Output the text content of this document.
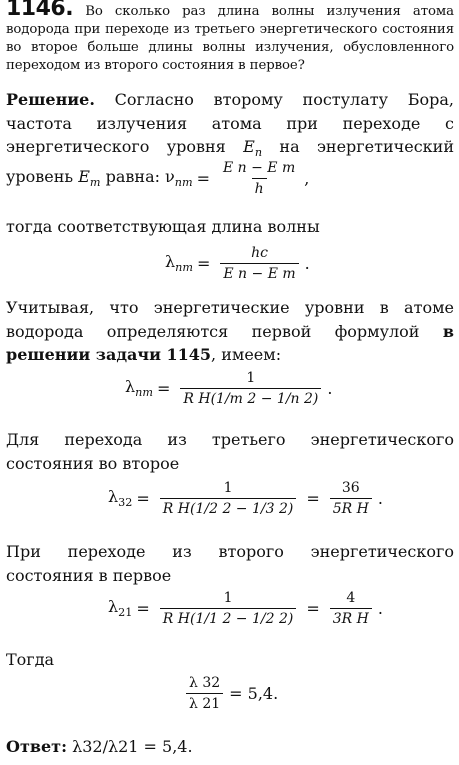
1146. Во сколько раз длина волны излучения атома водорода при переходе из третьего энергетического состояния во второе больше длины волны излучения, обусловленного переходом из второго состояния в первое?
Решение. Согласно второму постулату Бора, частота излучения атома при переходе с энергетического уровня $E_n$ на энергетический уровень $E_m$ равна: $\nu_{nm} = \frac{\text{E n − E m}}{h}$ ,
тогда соответствующая длина волны
$\lambda_{nm} = \frac{hc}{\text{E n − E m}}$ .
Учитывая, что энергетические уровни в атоме водорода определяются первой формулой в решении задачи 1145, имеем:
$\lambda_{nm} = \frac{1}{\text{R H(1/m 2 − 1/n 2)}}$ .
Для перехода из третьего энергетического состояния во второе
$\lambda_{32} = \frac{1}{\text{R H(1/2 2 − 1/3 2)}} = \frac{36}{\text{5R H}}$ .
При переходе из второго энергетического состояния в первое
$\lambda_{21} = \frac{1}{\text{R H(1/1 2 − 1/2 2)}} = \frac{4}{\text{3R H}}$ .
Тогда
$\frac{\lambda 32}{\lambda 21} = 5,4$.
Ответ: λ32/λ21 = 5,4.
